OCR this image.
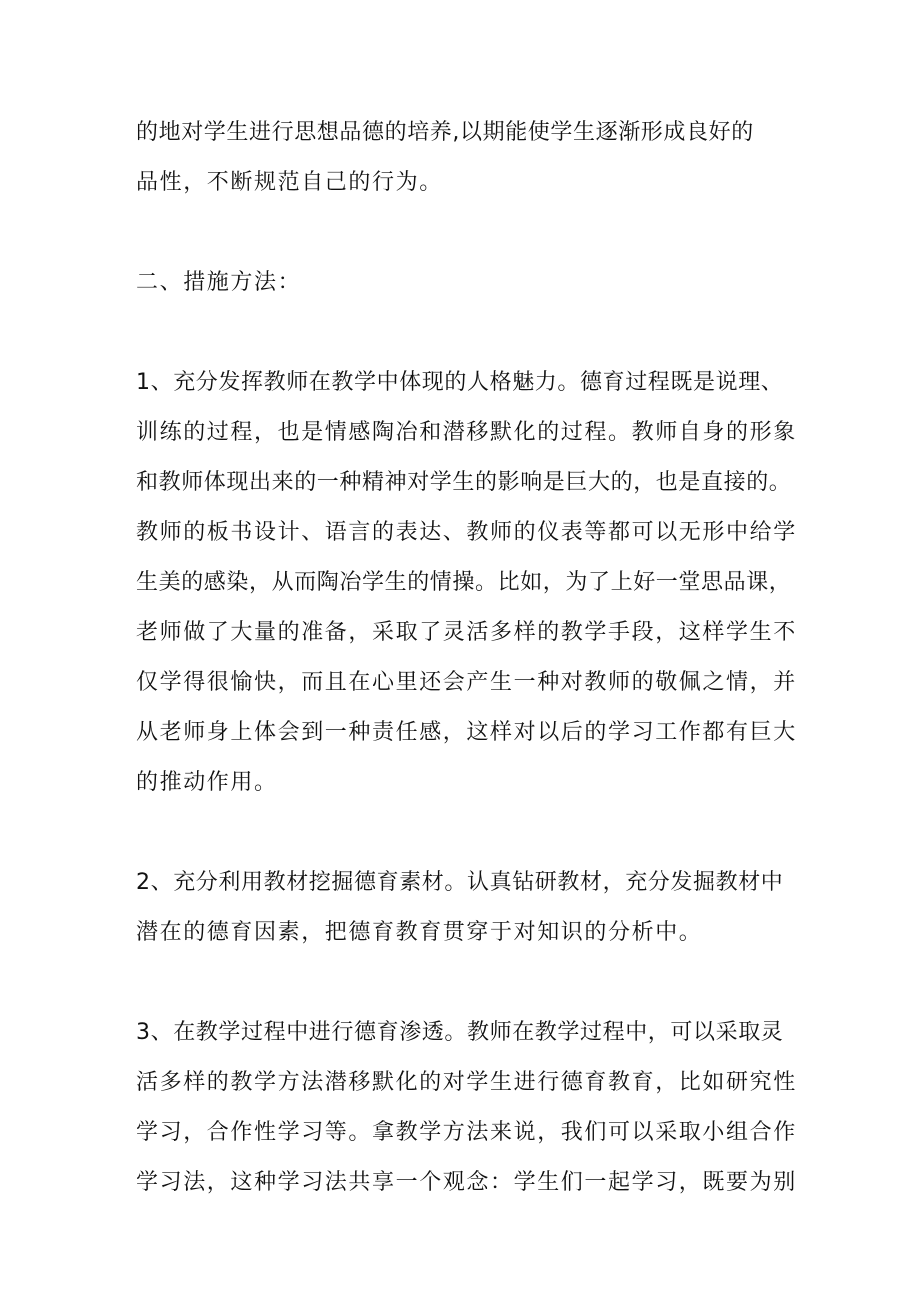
的地对学生进行思想品德的培养,以期能使学生逐渐形成良好的

品性，不断规范自己的行为。

二、措施方法：

1、充分发挥教师在教学中体现的人格魅力。德育过程既是说理、

训练的过程，也是情感陶冶和潜移默化的过程。教师自身的形象

和教师体现出来的一种精神对学生的影响是巨大的，也是直接的。

教师的板书设计、语言的表达、教师的仪表等都可以无形中给学

生美的感染，从而陶冶学生的情操。比如，为了上好一堂思品课，

老师做了大量的准备，采取了灵活多样的教学手段，这样学生不

仅学得很愉快，而且在心里还会产生一种对教师的敬佩之情，并

从老师身上体会到一种责任感，这样对以后的学习工作都有巨大

的推动作用。

2、充分利用教材挖掘德育素材。认真钻研教材，充分发掘教材中

潜在的德育因素，把德育教育贯穿于对知识的分析中。

3、在教学过程中进行德育渗透。教师在教学过程中，可以采取灵

活多样的教学方法潜移默化的对学生进行德育教育，比如研究性

学习，合作性学习等。拿教学方法来说，我们可以采取小组合作

学习法，这种学习法共享一个观念：学生们一起学习，既要为别
